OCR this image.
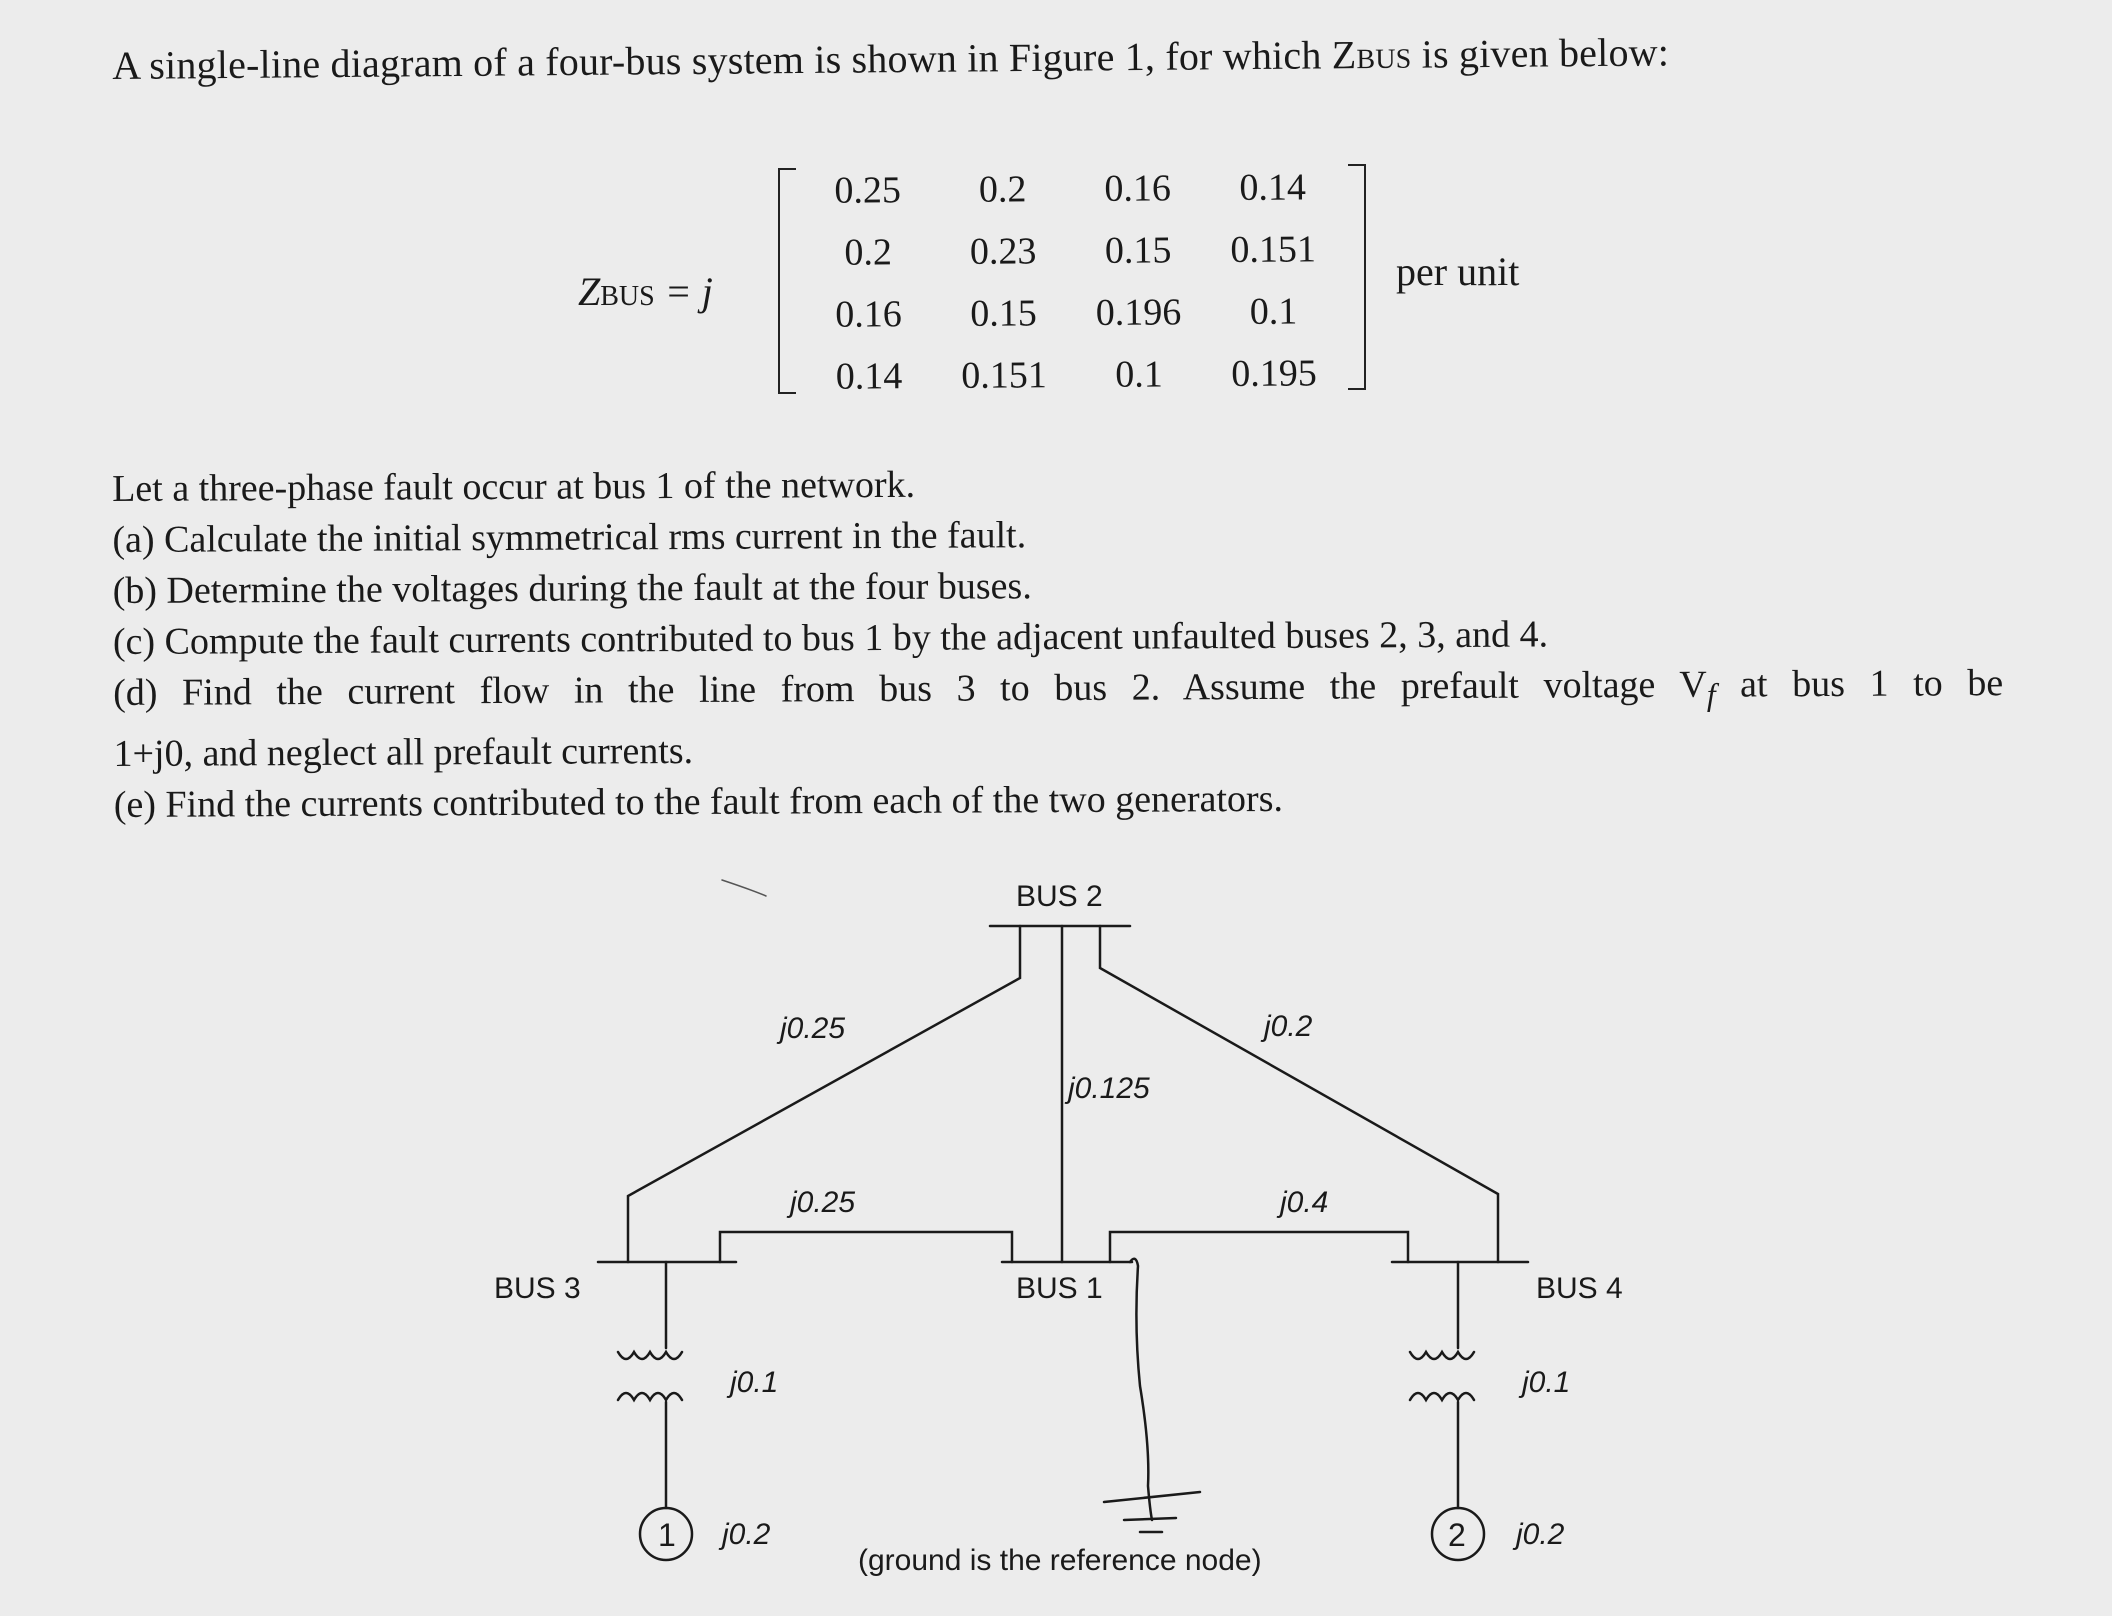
A single-line diagram of a four-bus system is shown in Figure 1, for which ZBUS is given below:
ZBUS = j
0.25	0.2	0.16	0.14
0.2	0.23	0.15	0.151
0.16	0.15	0.196	0.1
0.14	0.151	0.1	0.195
per unit

Let a three-phase fault occur at bus 1 of the network.

(a) Calculate the initial symmetrical rms current in the fault.

(b) Determine the voltages during the fault at the four buses.

(c) Compute the fault currents contributed to bus 1 by the adjacent unfaulted buses 2, 3, and 4.

(d) Find the current flow in the line from bus 3 to bus 2. Assume the prefault voltage $V_f$ at bus 1 to be

1+j0, and neglect all prefault currents.

(e) Find the currents contributed to the fault from each of the two generators.

BUS 2
BUS 3	BUS 1	BUS 4
j0.25	j0.2
j0.125
j0.25	j0.4
j0.1	j0.1
j0.2	j0.2
1	2
(ground is the reference node)
